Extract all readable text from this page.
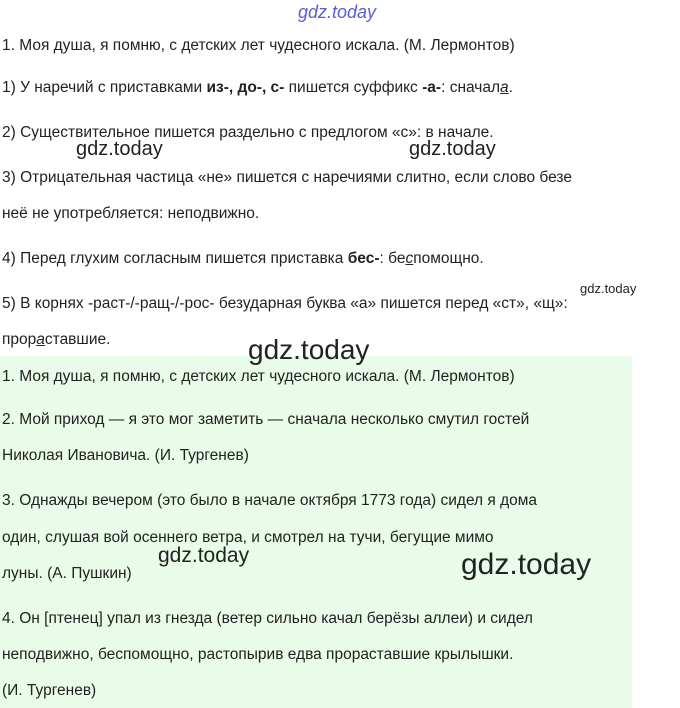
gdz.today
1. Моя душа, я помню, с детских лет чудесного искала. (М. Лермонтов)
1) У наречий с приставками из-, до-, с- пишется суффикс -а-: сначала.
2) Существительное пишется раздельно с предлогом «с»: в начале.
3) Отрицательная частица «не» пишется с наречиями слитно, если слово безе
неё не употребляется: неподвижно.
4) Перед глухим согласным пишется приставка бес-: беспомощно.
5) В корнях -раст-/-ращ-/-рос- безударная буква «а» пишется перед «ст», «щ»:
прораставшие.
1. Моя душа, я помню, с детских лет чудесного искала. (М. Лермонтов)
2. Мой приход — я это мог заметить — сначала несколько смутил гостей
Николая Ивановича. (И. Тургенев)
3. Однажды вечером (это было в начале октября 1773 года) сидел я дома
один, слушая вой осеннего ветра, и смотрел на тучи, бегущие мимо
луны. (А. Пушкин)
4. Он [птенец] упал из гнезда (ветер сильно качал берёзы аллеи) и сидел
неподвижно, беспомощно, растопырив едва прораставшие крылышки.
(И. Тургенев)
gdz.today	gdz.today
gdz.today
gdz.today
gdz.today	gdz.today
